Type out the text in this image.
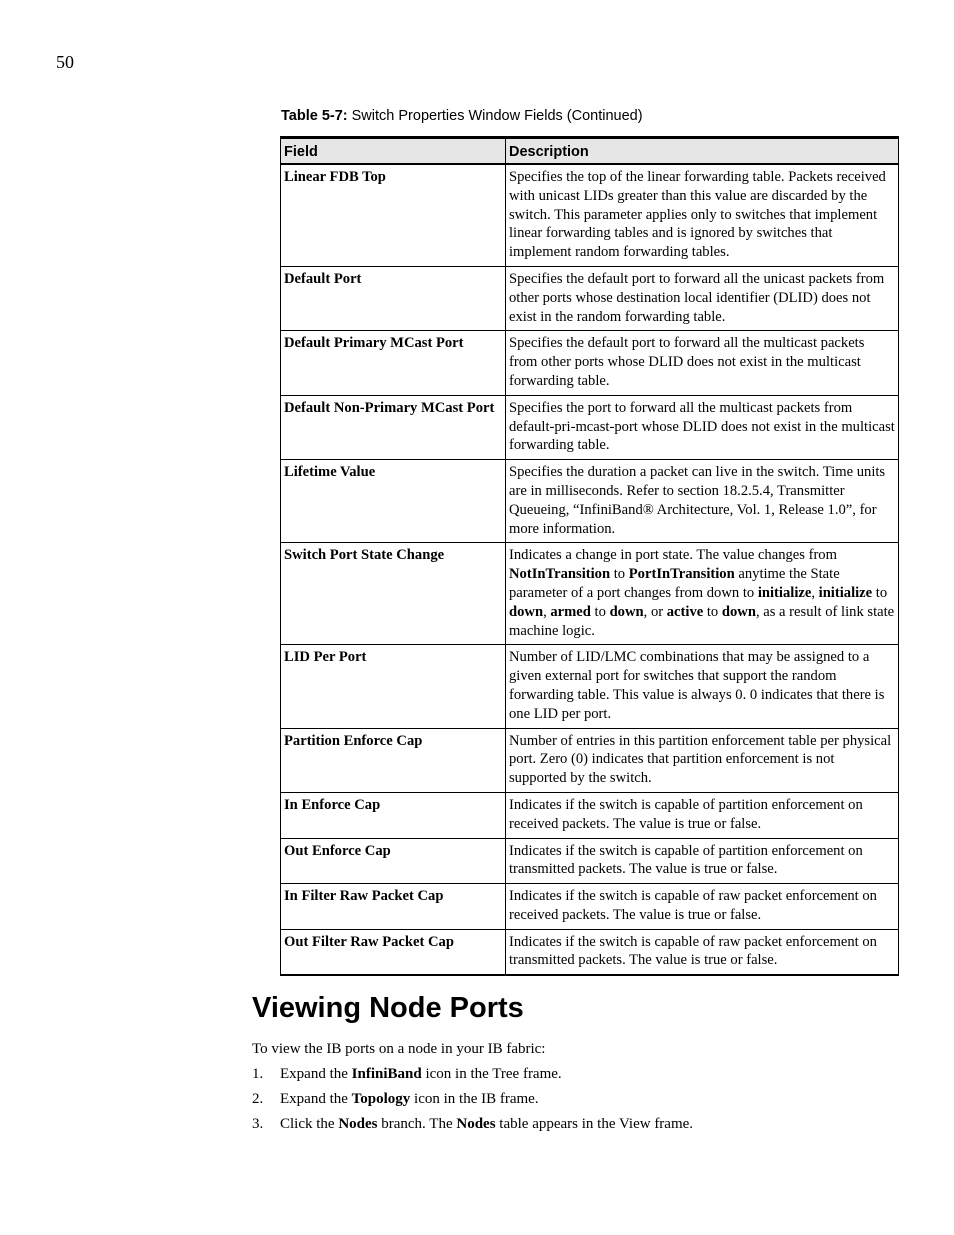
50
Table 5-7: Switch Properties Window Fields (Continued)
Field	Description
Linear FDB Top	Specifies the top of the linear forwarding table. Packets received with unicast LIDs greater than this value are discarded by the switch. This parameter applies only to switches that implement linear forwarding tables and is ignored by switches that implement random forwarding tables.
Default Port	Specifies the default port to forward all the unicast packets from other ports whose destination local identifier (DLID) does not exist in the random forwarding table.
Default Primary MCast Port	Specifies the default port to forward all the multicast packets from other ports whose DLID does not exist in the multicast forwarding table.
Default Non-Primary MCast Port	Specifies the port to forward all the multicast packets from default-pri-mcast-port whose DLID does not exist in the multicast forwarding table.
Lifetime Value	Specifies the duration a packet can live in the switch. Time units are in milliseconds. Refer to section 18.2.5.4, Transmitter Queueing, “InfiniBand® Architecture, Vol. 1, Release 1.0”, for more information.
Switch Port State Change	Indicates a change in port state. The value changes from NotInTransition to PortInTransition anytime the State parameter of a port changes from down to initialize, initialize to down, armed to down, or active to down, as a result of link state machine logic.
LID Per Port	Number of LID/LMC combinations that may be assigned to a given external port for switches that support the random forwarding table. This value is always 0. 0 indicates that there is one LID per port.
Partition Enforce Cap	Number of entries in this partition enforcement table per physical port. Zero (0) indicates that partition enforcement is not supported by the switch.
In Enforce Cap	Indicates if the switch is capable of partition enforcement on received packets. The value is true or false.
Out Enforce Cap	Indicates if the switch is capable of partition enforcement on transmitted packets. The value is true or false.
In Filter Raw Packet Cap	Indicates if the switch is capable of raw packet enforcement on received packets. The value is true or false.
Out Filter Raw Packet Cap	Indicates if the switch is capable of raw packet enforcement on transmitted packets. The value is true or false.
Viewing Node Ports
To view the IB ports on a node in your IB fabric:
1. Expand the InfiniBand icon in the Tree frame.
2. Expand the Topology icon in the IB frame.
3. Click the Nodes branch. The Nodes table appears in the View frame.
